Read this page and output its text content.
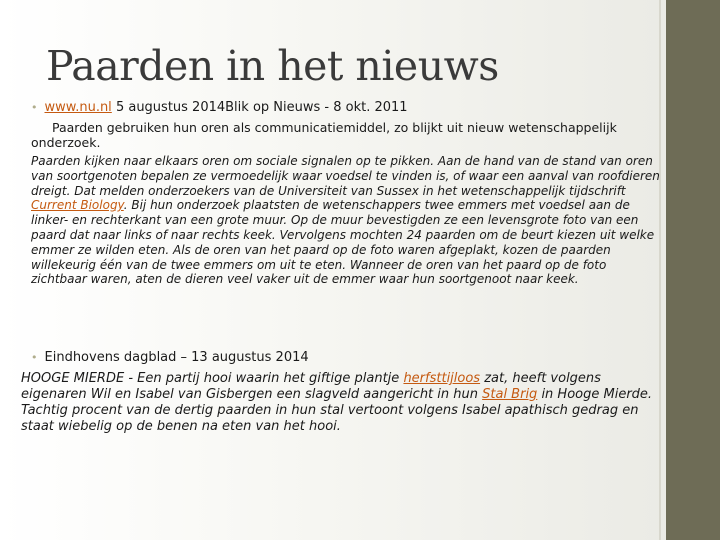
Paarden in het nieuws
• www.nu.nl 5 augustus 2014Blik op Nieuws - 8 okt. 2011
Paarden gebruiken hun oren als communicatiemiddel, zo blijkt uit nieuw wetenschappelijk onderzoek.
Paarden kijken naar elkaars oren om sociale signalen op te pikken. Aan de hand van de stand van oren van soortgenoten bepalen ze vermoedelijk waar voedsel te vinden is, of waar een aanval van roofdieren dreigt. Dat melden onderzoekers van de Universiteit van Sussex in het wetenschappelijk tijdschrift Current Biology. Bij hun onderzoek plaatsten de wetenschappers twee emmers met voedsel aan de linker- en rechterkant van een grote muur. Op de muur bevestigden ze een levensgrote foto van een paard dat naar links of naar rechts keek. Vervolgens mochten 24 paarden om de beurt kiezen uit welke emmer ze wilden eten. Als de oren van het paard op de foto waren afgeplakt, kozen de paarden willekeurig één van de twee emmers om uit te eten. Wanneer de oren van het paard op de foto zichtbaar waren, aten de dieren veel vaker uit de emmer waar hun soortgenoot naar keek.
• Eindhovens dagblad – 13 augustus 2014
HOOGE MIERDE - Een partij hooi waarin het giftige plantje herfsttijloos zat, heeft volgens eigenaren Wil en Isabel van Gisbergen een slagveld aangericht in hun Stal Brig in Hooge Mierde. Tachtig procent van de dertig paarden in hun stal vertoont volgens Isabel apathisch gedrag en staat wiebelig op de benen na eten van het hooi.
